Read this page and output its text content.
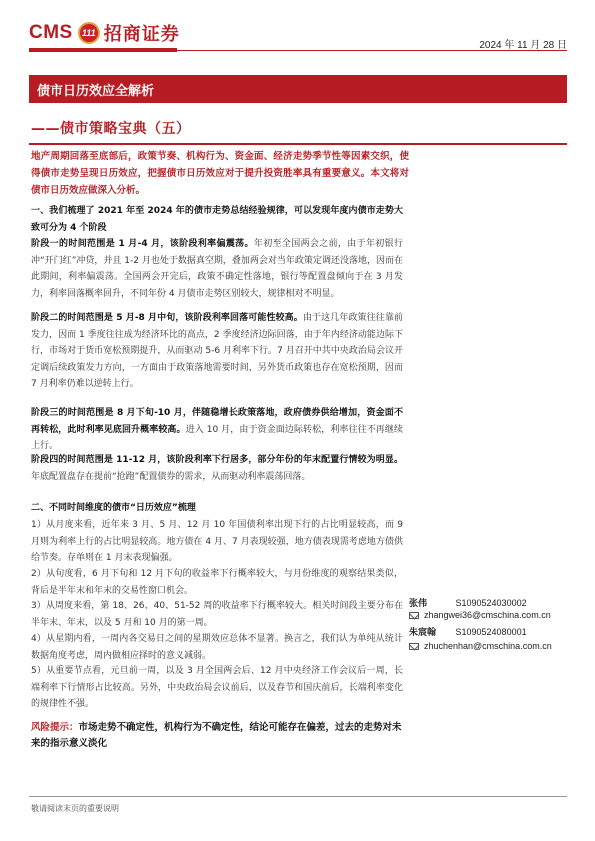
CMS	111 招商证券
2024 年 11 月 28 日
债市日历效应全解析
——债市策略宝典（五）
地产周期回落至底部后，政策节奏、机构行为、资金面、经济走势季节性等因素交织，使得债市走势呈现日历效应，把握债市日历效应对于提升投资胜率具有重要意义。本文将对债市日历效应做深入分析。
一、我们梳理了 2021 年至 2024 年的债市走势总结经验规律，可以发现年度内债市走势大致可分为 4 个阶段
阶段一的时间范围是 1 月-4 月，该阶段利率偏震荡。年初至全国两会之前，由于年初银行冲“开门红”冲贷，并且 1-2 月也处于数据真空期，叠加两会对当年政策定调还没落地，因而在此期间，利率偏震荡。全国两会开完后，政策不确定性落地，银行等配置盘倾向于在 3 月发力，利率回落概率回升，不同年份 4 月债市走势区别较大，规律相对不明显。
阶段二的时间范围是 5 月-8 月中旬，该阶段利率回落可能性较高。由于这几年政策往往靠前发力，因而 1 季度往往成为经济环比的高点，2 季度经济边际回落，由于年内经济动能边际下行，市场对于货币宽松预期提升，从而驱动 5-6 月利率下行。7 月召开中共中央政治局会议开定调后续政策发力方向，一方面由于政策落地需要时间，另外货币政策也存在宽松预期，因而 7 月利率仍难以逆转上行。
阶段三的时间范围是 8 月下旬-10 月，伴随稳增长政策落地，政府债券供给增加，资金面不再转松，此时利率见底回升概率较高。进入 10 月，由于资金面边际转松，利率往往不再继续上行。
阶段四的时间范围是 11-12 月，该阶段利率下行居多，部分年份的年末配置行情较为明显。年底配置盘存在提前“抢跑”配置债券的需求，从而驱动利率震荡回落。
二、不同时间维度的债市“日历效应”梳理
1）从月度来看，近年来 3 月、5 月、12 月 10 年国债利率出现下行的占比明显较高，而 9 月则为利率上行的占比明显较高。地方债在 4 月、7 月表现较强，地方债表现需考虑地方债供给节奏。存单则在 1 月末表现偏强。
2）从旬度看，6 月下旬和 12 月下旬的收益率下行概率较大，与月份维度的观察结果类似，背后是半年末和年末的交易性窗口机会。
3）从周度来看，第 18、26、40、51-52 周的收益率下行概率较大。相关时间段主要分布在半年末、年末，以及 5 月和 10 月的第一周。
4）从星期内看，一周内各交易日之间的星期效应总体不显著。换言之，我们认为单纯从统计数据角度考虑，周内做相应择时的意义减弱。
5）从重要节点看，元旦前一周，以及 3 月全国两会后、12 月中央经济工作会议后一周，长端利率下行情形占比较高。另外，中央政治局会议前后，以及春节和国庆前后，长端利率变化的规律性不强。
张伟	S1090524030002
zhangwei36@cmschina.com.cn
朱宸翰 S1090524080001
zhuchenhan@cmschina.com.cn
风险提示：市场走势不确定性，机构行为不确定性，结论可能存在偏差，过去的走势对未来的指示意义淡化
敬请阅读末页的重要说明
